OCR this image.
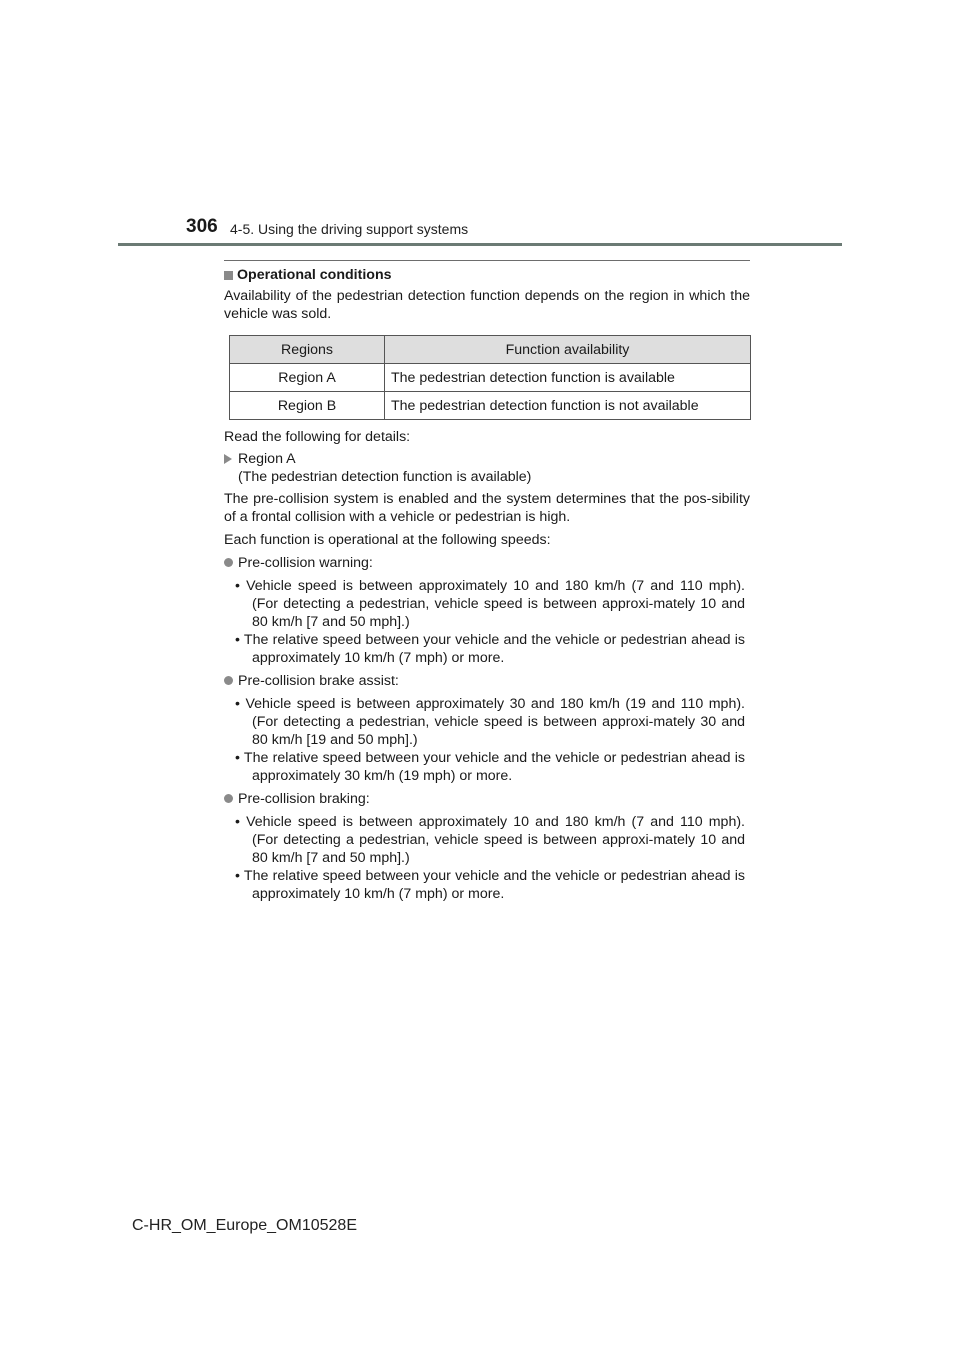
306 4-5. Using the driving support systems
Operational conditions
Availability of the pedestrian detection function depends on the region in which the vehicle was sold.
Regions	Function availability
Region A	The pedestrian detection function is available
Region B	The pedestrian detection function is not available
Read the following for details:
Region A
(The pedestrian detection function is available)
The pre-collision system is enabled and the system determines that the pos-sibility of a frontal collision with a vehicle or pedestrian is high.
Each function is operational at the following speeds:
Pre-collision warning:
• Vehicle speed is between approximately 10 and 180 km/h (7 and 110 mph). (For detecting a pedestrian, vehicle speed is between approxi-mately 10 and 80 km/h [7 and 50 mph].)
• The relative speed between your vehicle and the vehicle or pedestrian ahead is approximately 10 km/h (7 mph) or more.
Pre-collision brake assist:
• Vehicle speed is between approximately 30 and 180 km/h (19 and 110 mph). (For detecting a pedestrian, vehicle speed is between approxi-mately 30 and 80 km/h [19 and 50 mph].)
• The relative speed between your vehicle and the vehicle or pedestrian ahead is approximately 30 km/h (19 mph) or more.
Pre-collision braking:
• Vehicle speed is between approximately 10 and 180 km/h (7 and 110 mph). (For detecting a pedestrian, vehicle speed is between approxi-mately 10 and 80 km/h [7 and 50 mph].)
• The relative speed between your vehicle and the vehicle or pedestrian ahead is approximately 10 km/h (7 mph) or more.
C-HR_OM_Europe_OM10528E
